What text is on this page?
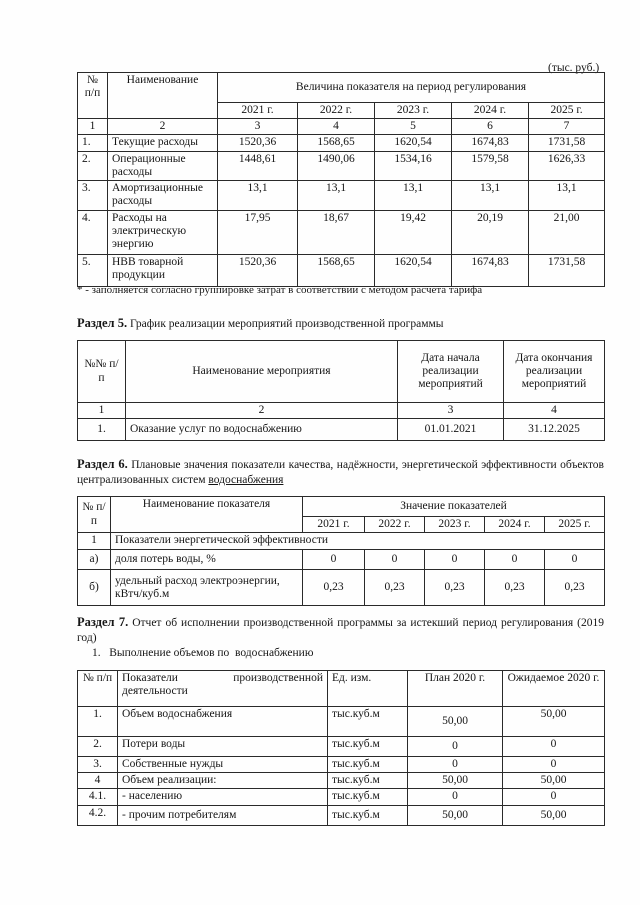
(тыс. руб.)
№ п/п	Наименование	Величина показателя на период регулирования				
		2021 г.	2022 г.	2023 г.	2024 г.	2025 г.
1	2	3	4	5	6	7
1.	Текущие расходы	1520,36	1568,65	1620,54	1674,83	1731,58
2.	Операционные расходы	1448,61	1490,06	1534,16	1579,58	1626,33
3.	Амортизационные расходы	13,1	13,1	13,1	13,1	13,1
4.	Расходы на электрическую энергию	17,95	18,67	19,42	20,19	21,00
5.	НВВ товарной продукции	1520,36	1568,65	1620,54	1674,83	1731,58
* - заполняется согласно группировке затрат в соответствии с методом расчета тарифа
Раздел 5. График реализации мероприятий производственной программы
№№ п/п	Наименование мероприятия	Дата начала реализации мероприятий	Дата окончания реализации мероприятий
1	2	3	4
1.	Оказание услуг по водоснабжению	01.01.2021	31.12.2025
Раздел 6. Плановые значения показатели качества, надёжности, энергетической эффективности объектов централизованных систем водоснабжения
№ п/п	Наименование показателя	Значение показателей				
		2021 г.	2022 г.	2023 г.	2024 г.	2025 г.
1	Показатели энергетической эффективности					
а)	доля потерь воды, %	0	0	0	0	0
б)	удельный расход электроэнергии, кВтч/куб.м	0,23	0,23	0,23	0,23	0,23
Раздел 7. Отчет об исполнении производственной программы за истекший период регулирования (2019 год)
1.   Выполнение объемов по  водоснабжению
№ п/п	Показатели производственной деятельности	Ед. изм.	План 2020 г.	Ожидаемое 2020 г.
1.	Объем водоснабжения	тыс.куб.м	50,00	50,00
2.	Потери воды	тыс.куб.м	0	0
3.	Собственные нужды	тыс.куб.м	0	0
4	Объем реализации:	тыс.куб.м	50,00	50,00
4.1.	- населению	тыс.куб.м	0	0
4.2.	- прочим потребителям	тыс.куб.м	50,00	50,00
